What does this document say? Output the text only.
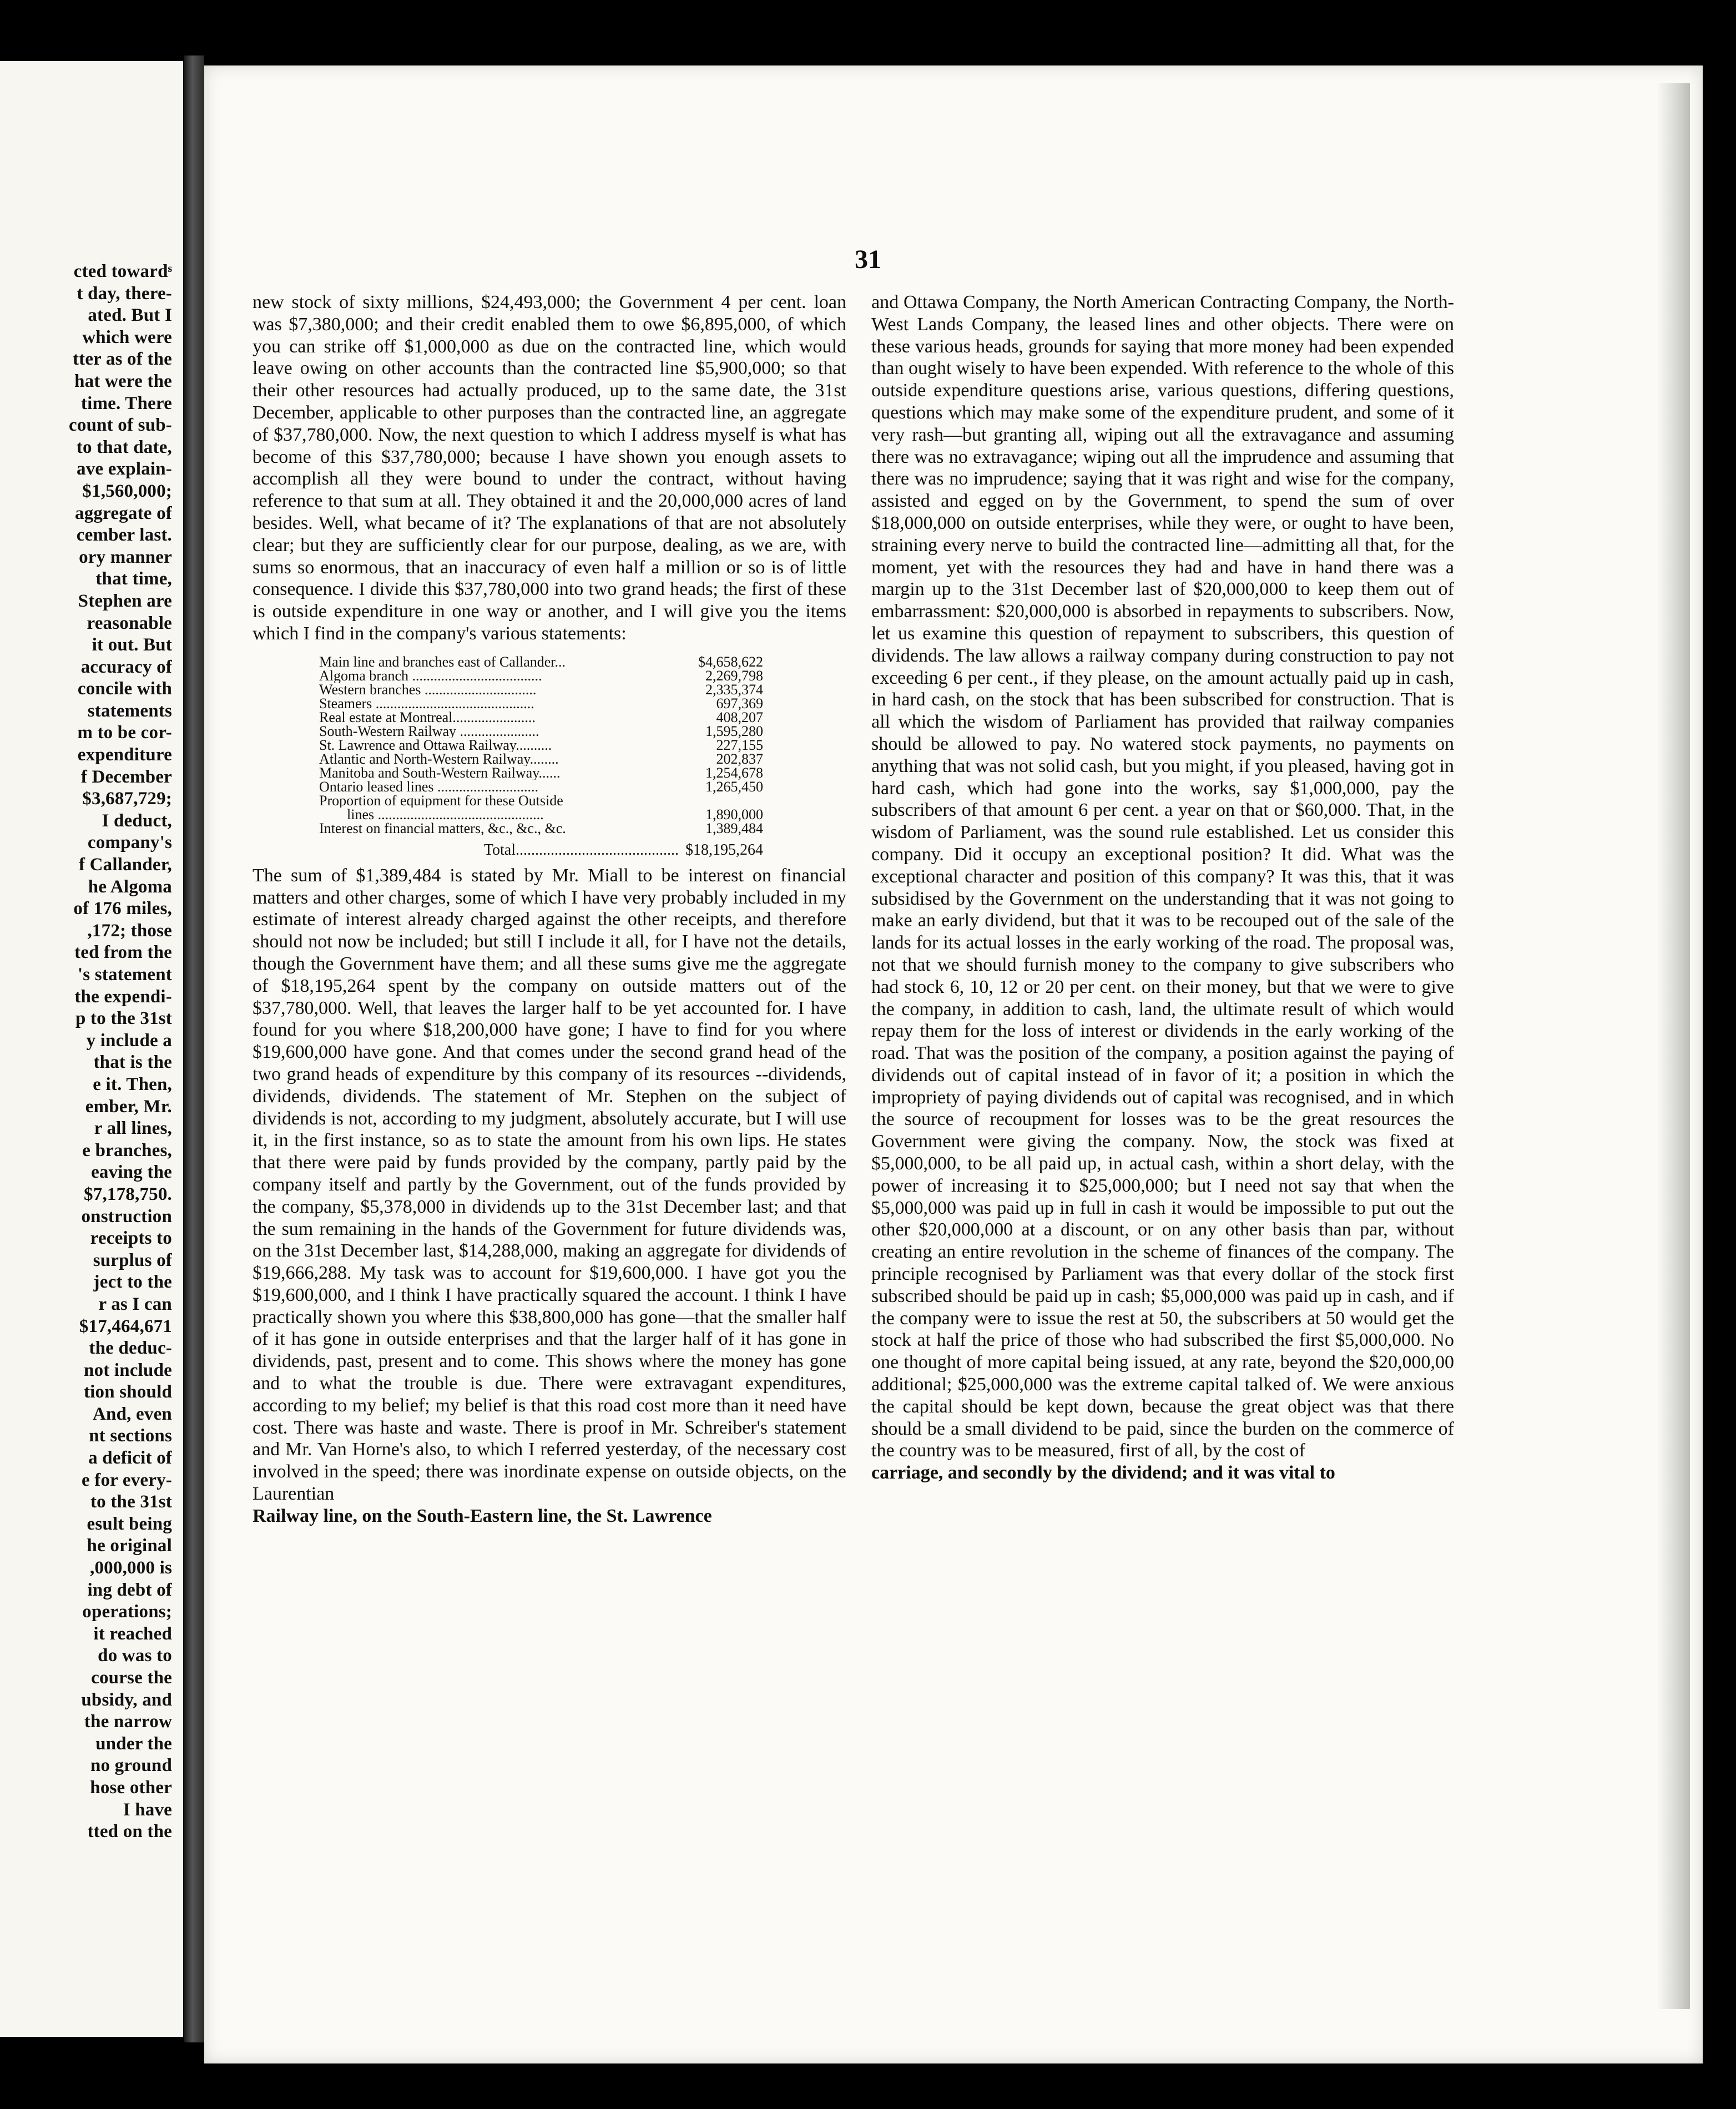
cted towardˢ
t day, there-
ated. But I
which were
tter as of the
hat were the
time. There
count of sub-
to that date,
ave explain-
$1,560,000;
aggregate of
cember last.
ory manner
that time,
Stephen are
reasonable
it out. But
accuracy of
concile with
statements
m to be cor-
expenditure
f December
$3,687,729;
I deduct,
company's
f Callander,
he Algoma
of 176 miles,
,172; those
ted from the
's statement
the expendi-
p to the 31st
y include a
that is the
e it. Then,
ember, Mr.
r all lines,
e branches,
eaving the
$7,178,750.
onstruction
receipts to
surplus of
ject to the
r as I can
$17,464,671
the deduc-
not include
tion should
And, even
nt sections
a deficit of
e for every-
to the 31st
esult being
he original
,000,000 is
ing debt of
operations;
it reached
do was to
course the
ubsidy, and
the narrow
under the
no ground
hose other
I have
tted on the
31

new stock of sixty millions, $24,493,000; the Government 4 per cent. loan was $7,380,000; and their credit enabled them to owe $6,895,000, of which you can strike off $1,000,000 as due on the contracted line, which would leave owing on other accounts than the contracted line $5,900,000; so that their other resources had actually produced, up to the same date, the 31st December, applicable to other purposes than the contracted line, an aggregate of $37,780,000. Now, the next question to which I address myself is what has become of this $37,780,000; because I have shown you enough assets to accomplish all they were bound to under the contract, without having reference to that sum at all. They obtained it and the 20,000,000 acres of land besides. Well, what became of it? The explanations of that are not absolutely clear; but they are sufficiently clear for our purpose, dealing, as we are, with sums so enormous, that an inaccuracy of even half a million or so is of little consequence. I divide this $37,780,000 into two grand heads; the first of these is outside expenditure in one way or another, and I will give you the items which I find in the company's various statements:

Main line and branches east of Callander...	$4,658,622
Algoma branch ....................................	2,269,798
Western branches ...............................	2,335,374
Steamers ............................................	697,369
Real estate at Montreal.......................	408,207
South-Western Railway ......................	1,595,280
St. Lawrence and Ottawa Railway..........	227,155
Atlantic and North-Western Railway........	202,837
Manitoba and South-Western Railway......	1,254,678
Ontario leased lines ............................	1,265,450
Proportion of equipment for these Outside
lines ..............................................	1,890,000
Interest on financial matters, &c., &c., &c.	1,389,484
Total.......................................... $18,195,264

The sum of $1,389,484 is stated by Mr. Miall to be interest on financial matters and other charges, some of which I have very probably included in my estimate of interest already charged against the other receipts, and therefore should not now be included; but still I include it all, for I have not the details, though the Government have them; and all these sums give me the aggregate of $18,195,264 spent by the company on outside matters out of the $37,780,000. Well, that leaves the larger half to be yet accounted for. I have found for you where $18,200,000 have gone; I have to find for you where $19,600,000 have gone. And that comes under the second grand head of the two grand heads of expenditure by this company of its resources --dividends, dividends, dividends. The statement of Mr. Stephen on the subject of dividends is not, according to my judgment, absolutely accurate, but I will use it, in the first instance, so as to state the amount from his own lips. He states that there were paid by funds provided by the company, partly paid by the company itself and partly by the Government, out of the funds provided by the company, $5,378,000 in dividends up to the 31st December last; and that the sum remaining in the hands of the Government for future dividends was, on the 31st December last, $14,288,000, making an aggregate for dividends of $19,666,288. My task was to account for $19,600,000. I have got you the $19,600,000, and I think I have practically squared the account. I think I have practically shown you where this $38,800,000 has gone—that the smaller half of it has gone in outside enterprises and that the larger half of it has gone in dividends, past, present and to come. This shows where the money has gone and to what the trouble is due. There were extravagant expenditures, according to my belief; my belief is that this road cost more than it need have cost. There was haste and waste. There is proof in Mr. Schreiber's statement and Mr. Van Horne's also, to which I referred yesterday, of the necessary cost involved in the speed; there was inordinate expense on outside objects, on the Laurentian

Railway line, on the South-Eastern line, the St. Lawrence

and Ottawa Company, the North American Contracting Company, the North-West Lands Company, the leased lines and other objects. There were on these various heads, grounds for saying that more money had been expended than ought wisely to have been expended. With reference to the whole of this outside expenditure questions arise, various questions, differing questions, questions which may make some of the expenditure prudent, and some of it very rash—but granting all, wiping out all the extravagance and assuming there was no extravagance; wiping out all the imprudence and assuming that there was no imprudence; saying that it was right and wise for the company, assisted and egged on by the Government, to spend the sum of over $18,000,000 on outside enterprises, while they were, or ought to have been, straining every nerve to build the contracted line—admitting all that, for the moment, yet with the resources they had and have in hand there was a margin up to the 31st December last of $20,000,000 to keep them out of embarrassment: $20,000,000 is absorbed in repayments to subscribers. Now, let us examine this question of repayment to subscribers, this question of dividends. The law allows a railway company during construction to pay not exceeding 6 per cent., if they please, on the amount actually paid up in cash, in hard cash, on the stock that has been subscribed for construction. That is all which the wisdom of Parliament has provided that railway companies should be allowed to pay. No watered stock payments, no payments on anything that was not solid cash, but you might, if you pleased, having got in hard cash, which had gone into the works, say $1,000,000, pay the subscribers of that amount 6 per cent. a year on that or $60,000. That, in the wisdom of Parliament, was the sound rule established. Let us consider this company. Did it occupy an exceptional position? It did. What was the exceptional character and position of this company? It was this, that it was subsidised by the Government on the understanding that it was not going to make an early dividend, but that it was to be recouped out of the sale of the lands for its actual losses in the early working of the road. The proposal was, not that we should furnish money to the company to give subscribers who had stock 6, 10, 12 or 20 per cent. on their money, but that we were to give the company, in addition to cash, land, the ultimate result of which would repay them for the loss of interest or dividends in the early working of the road. That was the position of the company, a position against the paying of dividends out of capital instead of in favor of it; a position in which the impropriety of paying dividends out of capital was recognised, and in which the source of recoupment for losses was to be the great resources the Government were giving the company. Now, the stock was fixed at $5,000,000, to be all paid up, in actual cash, within a short delay, with the power of increasing it to $25,000,000; but I need not say that when the $5,000,000 was paid up in full in cash it would be impossible to put out the other $20,000,000 at a discount, or on any other basis than par, without creating an entire revolution in the scheme of finances of the company. The principle recognised by Parliament was that every dollar of the stock first subscribed should be paid up in cash; $5,000,000 was paid up in cash, and if the company were to issue the rest at 50, the subscribers at 50 would get the stock at half the price of those who had subscribed the first $5,000,000. No one thought of more capital being issued, at any rate, beyond the $20,000,00 additional; $25,000,000 was the extreme capital talked of. We were anxious the capital should be kept down, because the great object was that there should be a small dividend to be paid, since the burden on the commerce of the country was to be measured, first of all, by the cost of

carriage, and secondly by the dividend; and it was vital to
